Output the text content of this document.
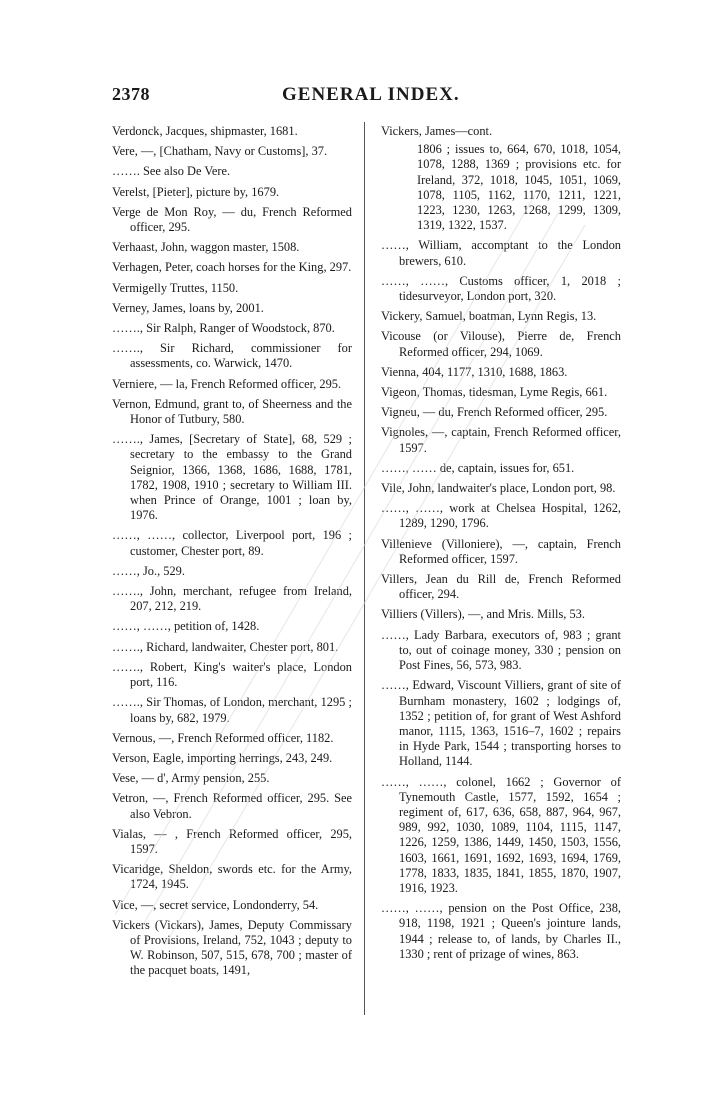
2378	GENERAL INDEX.

Verdonck, Jacques, shipmaster, 1681.

Vere, —, [Chatham, Navy or Customs], 37.

……. See also De Vere.

Verelst, [Pieter], picture by, 1679.

Verge de Mon Roy, — du, French Reformed officer, 295.

Verhaast, John, waggon master, 1508.

Verhagen, Peter, coach horses for the King, 297.

Vermigelly Truttes, 1150.

Verney, James, loans by, 2001.

……., Sir Ralph, Ranger of Woodstock, 870.

……., Sir Richard, commissioner for assessments, co. Warwick, 1470.

Verniere, — la, French Reformed officer, 295.

Vernon, Edmund, grant to, of Sheerness and the Honor of Tutbury, 580.

……., James, [Secretary of State], 68, 529 ; secretary to the embassy to the Grand Seignior, 1366, 1368, 1686, 1688, 1781, 1782, 1908, 1910 ; secretary to William III. when Prince of Orange, 1001 ; loan by, 1976.

……, ……, collector, Liverpool port, 196 ; customer, Chester port, 89.

……, Jo., 529.

……., John, merchant, refugee from Ireland, 207, 212, 219.

……, ……, petition of, 1428.

……., Richard, landwaiter, Chester port, 801.

……., Robert, King's waiter's place, London port, 116.

……., Sir Thomas, of London, merchant, 1295 ; loans by, 682, 1979.

Vernous, —, French Reformed officer, 1182.

Verson, Eagle, importing herrings, 243, 249.

Vese, — d', Army pension, 255.

Vetron, —, French Reformed officer, 295. See also Vebron.

Vialas, — , French Reformed officer, 295, 1597.

Vicaridge, Sheldon, swords etc. for the Army, 1724, 1945.

Vice, —, secret service, Londonderry, 54.

Vickers (Vickars), James, Deputy Commissary of Provisions, Ireland, 752, 1043 ; deputy to W. Robinson, 507, 515, 678, 700 ; master of the pacquet boats, 1491,

Vickers, James—cont.

1806 ; issues to, 664, 670, 1018, 1054, 1078, 1288, 1369 ; provisions etc. for Ireland, 372, 1018, 1045, 1051, 1069, 1078, 1105, 1162, 1170, 1211, 1221, 1223, 1230, 1263, 1268, 1299, 1309, 1319, 1322, 1537.

……, William, accomptant to the London brewers, 610.

……, ……, Customs officer, 1, 2018 ; tidesurveyor, London port, 320.

Vickery, Samuel, boatman, Lynn Regis, 13.

Vicouse (or Vilouse), Pierre de, French Reformed officer, 294, 1069.

Vienna, 404, 1177, 1310, 1688, 1863.

Vigeon, Thomas, tidesman, Lyme Regis, 661.

Vigneu, — du, French Reformed officer, 295.

Vignoles, —, captain, French Reformed officer, 1597.

……, …… de, captain, issues for, 651.

Vile, John, landwaiter's place, London port, 98.

……, ……, work at Chelsea Hospital, 1262, 1289, 1290, 1796.

Villenieve (Villoniere), —, captain, French Reformed officer, 1597.

Villers, Jean du Rill de, French Reformed officer, 294.

Villiers (Villers), —, and Mris. Mills, 53.

……, Lady Barbara, executors of, 983 ; grant to, out of coinage money, 330 ; pension on Post Fines, 56, 573, 983.

……, Edward, Viscount Villiers, grant of site of Burnham monastery, 1602 ; lodgings of, 1352 ; petition of, for grant of West Ashford manor, 1115, 1363, 1516–7, 1602 ; repairs in Hyde Park, 1544 ; transporting horses to Holland, 1144.

……, ……, colonel, 1662 ; Governor of Tynemouth Castle, 1577, 1592, 1654 ; regiment of, 617, 636, 658, 887, 964, 967, 989, 992, 1030, 1089, 1104, 1115, 1147, 1226, 1259, 1386, 1449, 1450, 1503, 1556, 1603, 1661, 1691, 1692, 1693, 1694, 1769, 1778, 1833, 1835, 1841, 1855, 1870, 1907, 1916, 1923.

……, ……, pension on the Post Office, 238, 918, 1198, 1921 ; Queen's jointure lands, 1944 ; release to, of lands, by Charles II., 1330 ; rent of prizage of wines, 863.
